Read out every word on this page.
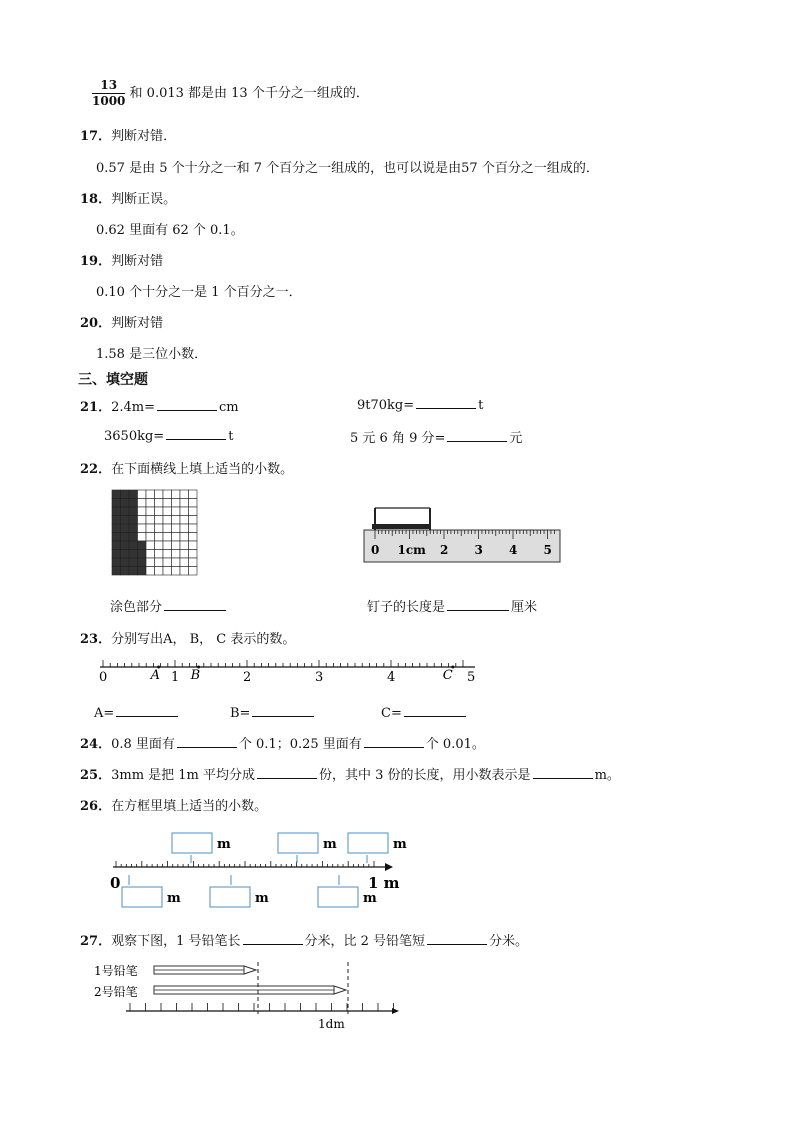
$\frac{13}{1000}$ 和 0.013 都是由 13 个千分之一组成的．
17．判断对错．
0.57 是由 5 个十分之一和 7 个百分之一组成的，也可以说是由57 个百分之一组成的．
18．判断正误。
0.62 里面有 62 个 0.1。
19．判断对错
0.10 个十分之一是 1 个百分之一．
20．判断对错
1.58 是三位小数．
三、填空题
21．2.4m=	cm	9t70kg=	t
3650kg=	t	5 元 6 角 9 分=	元
22．在下面横线上填上适当的小数。
0 1cm 2 3 4 5
涂色部分	钉子的长度是	厘米
23．分别写出A， B， C 表示的数。
0	1	2	3	4	5
A B	C
A=	B=	C=
24．0.8 里面有	个 0.1；0.25 里面有	个 0.01。
25．3mm 是把 1m 平均分成	份，其中 3 份的长度，用小数表示是	m。
26．在方框里填上适当的小数。
m	m	m
m	m	m
0	1 m
27．观察下图，1 号铅笔长	分米，比 2 号铅笔短	分米。
1号铅笔
2号铅笔
1dm
